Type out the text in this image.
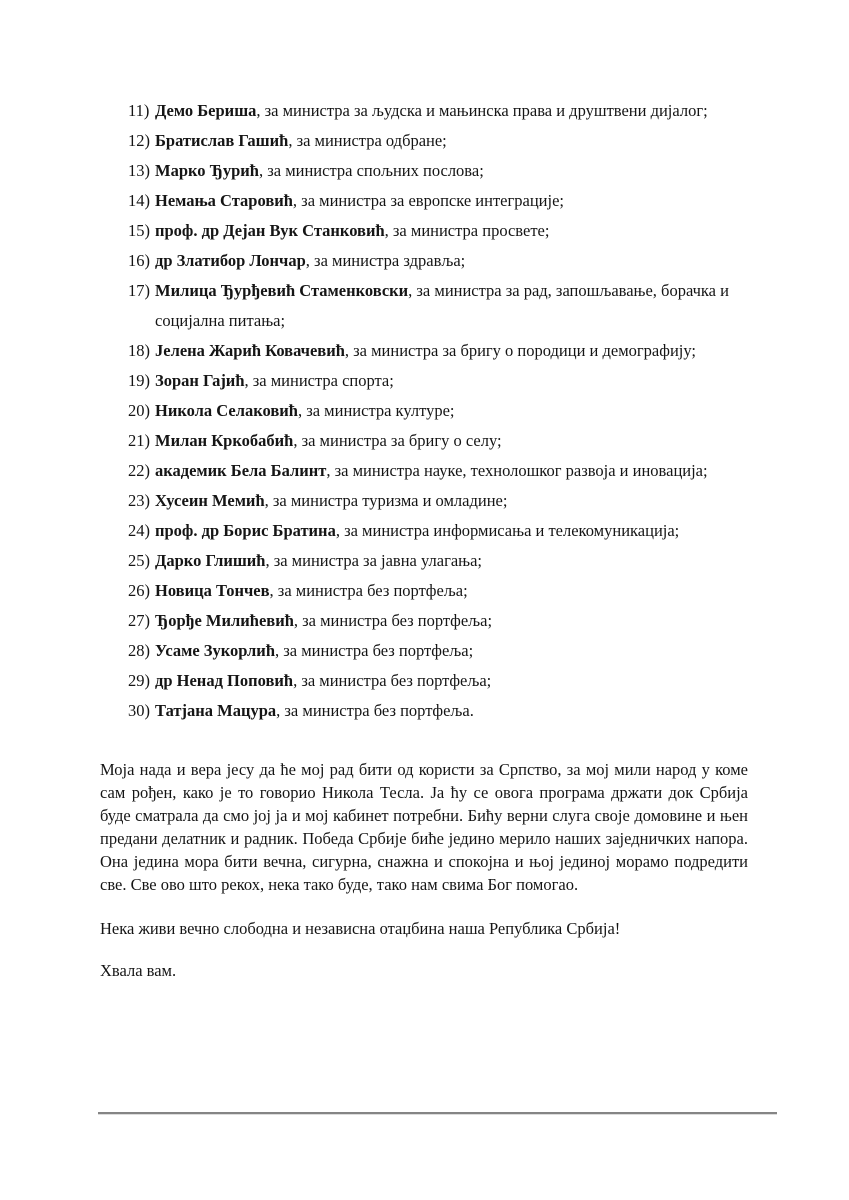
11) Демо Бериша, за министра за људска и мањинска права и друштвени дијалог;
12) Братислав Гашић, за министра одбране;
13) Марко Ђурић, за министра спољних послова;
14) Немања Старовић, за министра за европске интеграције;
15) проф. др Дејан Вук Станковић, за министра просвете;
16) др Златибор Лончар, за министра здравља;
17) Милица Ђурђевић Стаменковски, за министра за рад, запошљавање, борачка и социјална питања;
18) Јелена Жарић Ковачевић, за министра за бригу о породици и демографију;
19) Зоран Гајић, за министра спорта;
20) Никола Селаковић, за министра културе;
21) Милан Кркобабић, за министра за бригу о селу;
22) академик Бела Балинт, за министра науке, технолошког развоја и иновација;
23) Хусеин Мемић, за министра туризма и омладине;
24) проф. др Борис Братина, за министра информисања и телекомуникација;
25) Дарко Глишић, за министра за јавна улагања;
26) Новица Тончев, за министра без портфеља;
27) Ђорђе Милићевић, за министра без портфеља;
28) Усаме Зукорлић, за министра без портфеља;
29) др Ненад Поповић, за министра без портфеља;
30) Татјана Мацура, за министра без портфеља.

Моја нада и вера јесу да ће мој рад бити од користи за Српство, за мој мили народ у коме сам рођен, како је то говорио Никола Тесла. Ја ћу се овога програма држати док Србија буде сматрала да смо јој ја и мој кабинет потребни. Бићу верни слуга своје домовине и њен предани делатник и радник. Победа Србије биће једино мерило наших заједничких напора. Она једина мора бити вечна, сигурна, снажна и спокојна и њој јединој морамо подредити све. Све ово што рекох, нека тако буде, тако нам свима Бог помогао.

Нека живи вечно слободна и независна отаџбина наша Република Србија!

Хвала вам.
